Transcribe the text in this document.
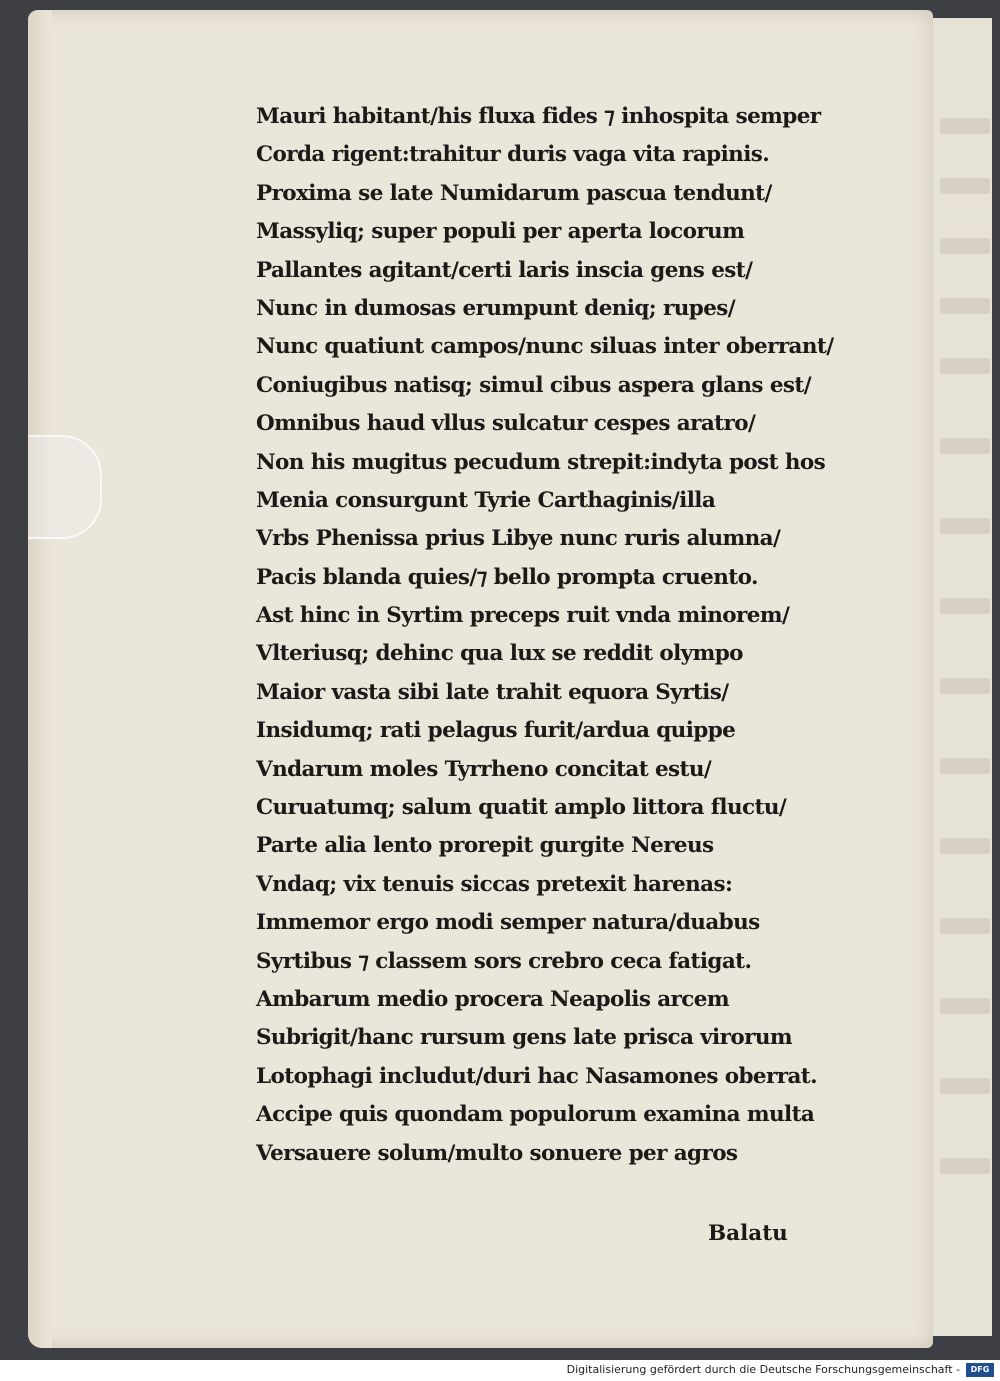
Mauri habitant/his fluxa fides ⁊ inhospita semper
Corda rigent:trahitur duris vaga vita rapinis.
Proxima se late Numidarum pascua tendunt/
Massyliq; super populi per aperta locorum
Pallantes agitant/certi laris inscia gens est/
Nunc in dumosas erumpunt deniq; rupes/
Nunc quatiunt campos/nunc siluas inter oberrant/
Coniugibus natisq; simul cibus aspera glans est/
Omnibus haud vllus sulcatur cespes aratro/
Non his mugitus pecudum strepit:indyta post hos
Menia consurgunt Tyrie Carthaginis/illa
Vrbs Phenissa prius Libye nunc ruris alumna/
Pacis blanda quies/⁊ bello prompta cruento.
Ast hinc in Syrtim preceps ruit vnda minorem/
Vlteriusq; dehinc qua lux se reddit olympo
Maior vasta sibi late trahit equora Syrtis/
Insidumq; rati pelagus furit/ardua quippe
Vndarum moles Tyrrheno concitat estu/
Curuatumq; salum quatit amplo littora fluctu/
Parte alia lento prorepit gurgite Nereus
Vndaq; vix tenuis siccas pretexit harenas:
Immemor ergo modi semper natura/duabus
Syrtibus ⁊ classem sors crebro ceca fatigat.
Ambarum medio procera Neapolis arcem
Subrigit/hanc rursum gens late prisca virorum
Lotophagi includut/duri hac Nasamones oberrat.
Accipe quis quondam populorum examina multa
Versauere solum/multo sonuere per agros
Balatu
Digitalisierung gefördert durch die Deutsche Forschungsgemeinschaft -	DFG
